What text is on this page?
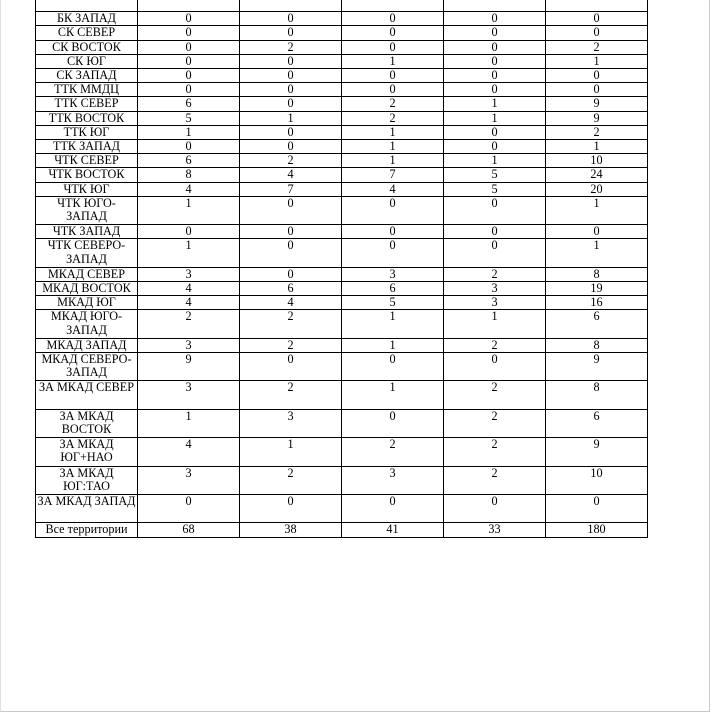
БК ЗАПАД	0	0	0	0	0
СК СЕВЕР	0	0	0	0	0
СК ВОСТОК	0	2	0	0	2
СК ЮГ	0	0	1	0	1
СК ЗАПАД	0	0	0	0	0
ТТК ММДЦ	0	0	0	0	0
ТТК СЕВЕР	6	0	2	1	9
ТТК ВОСТОК	5	1	2	1	9
ТТК ЮГ	1	0	1	0	2
ТТК ЗАПАД	0	0	1	0	1
ЧТК СЕВЕР	6	2	1	1	10
ЧТК ВОСТОК	8	4	7	5	24
ЧТК ЮГ	4	7	4	5	20
ЧТК ЮГО-ЗАПАД	1	0	0	0	1
ЧТК ЗАПАД	0	0	0	0	0
ЧТК СЕВЕРО-ЗАПАД	1	0	0	0	1
МКАД СЕВЕР	3	0	3	2	8
МКАД ВОСТОК	4	6	6	3	19
МКАД ЮГ	4	4	5	3	16
МКАД ЮГО-ЗАПАД	2	2	1	1	6
МКАД ЗАПАД	3	2	1	2	8
МКАД СЕВЕРО-ЗАПАД	9	0	0	0	9
ЗА МКАД СЕВЕР	3	2	1	2	8
ЗА МКАД ВОСТОК	1	3	0	2	6
ЗА МКАД ЮГ+НАО	4	1	2	2	9
ЗА МКАД ЮГ:ТАО	3	2	3	2	10
ЗА МКАД ЗАПАД	0	0	0	0	0
Все территории	68	38	41	33	180
